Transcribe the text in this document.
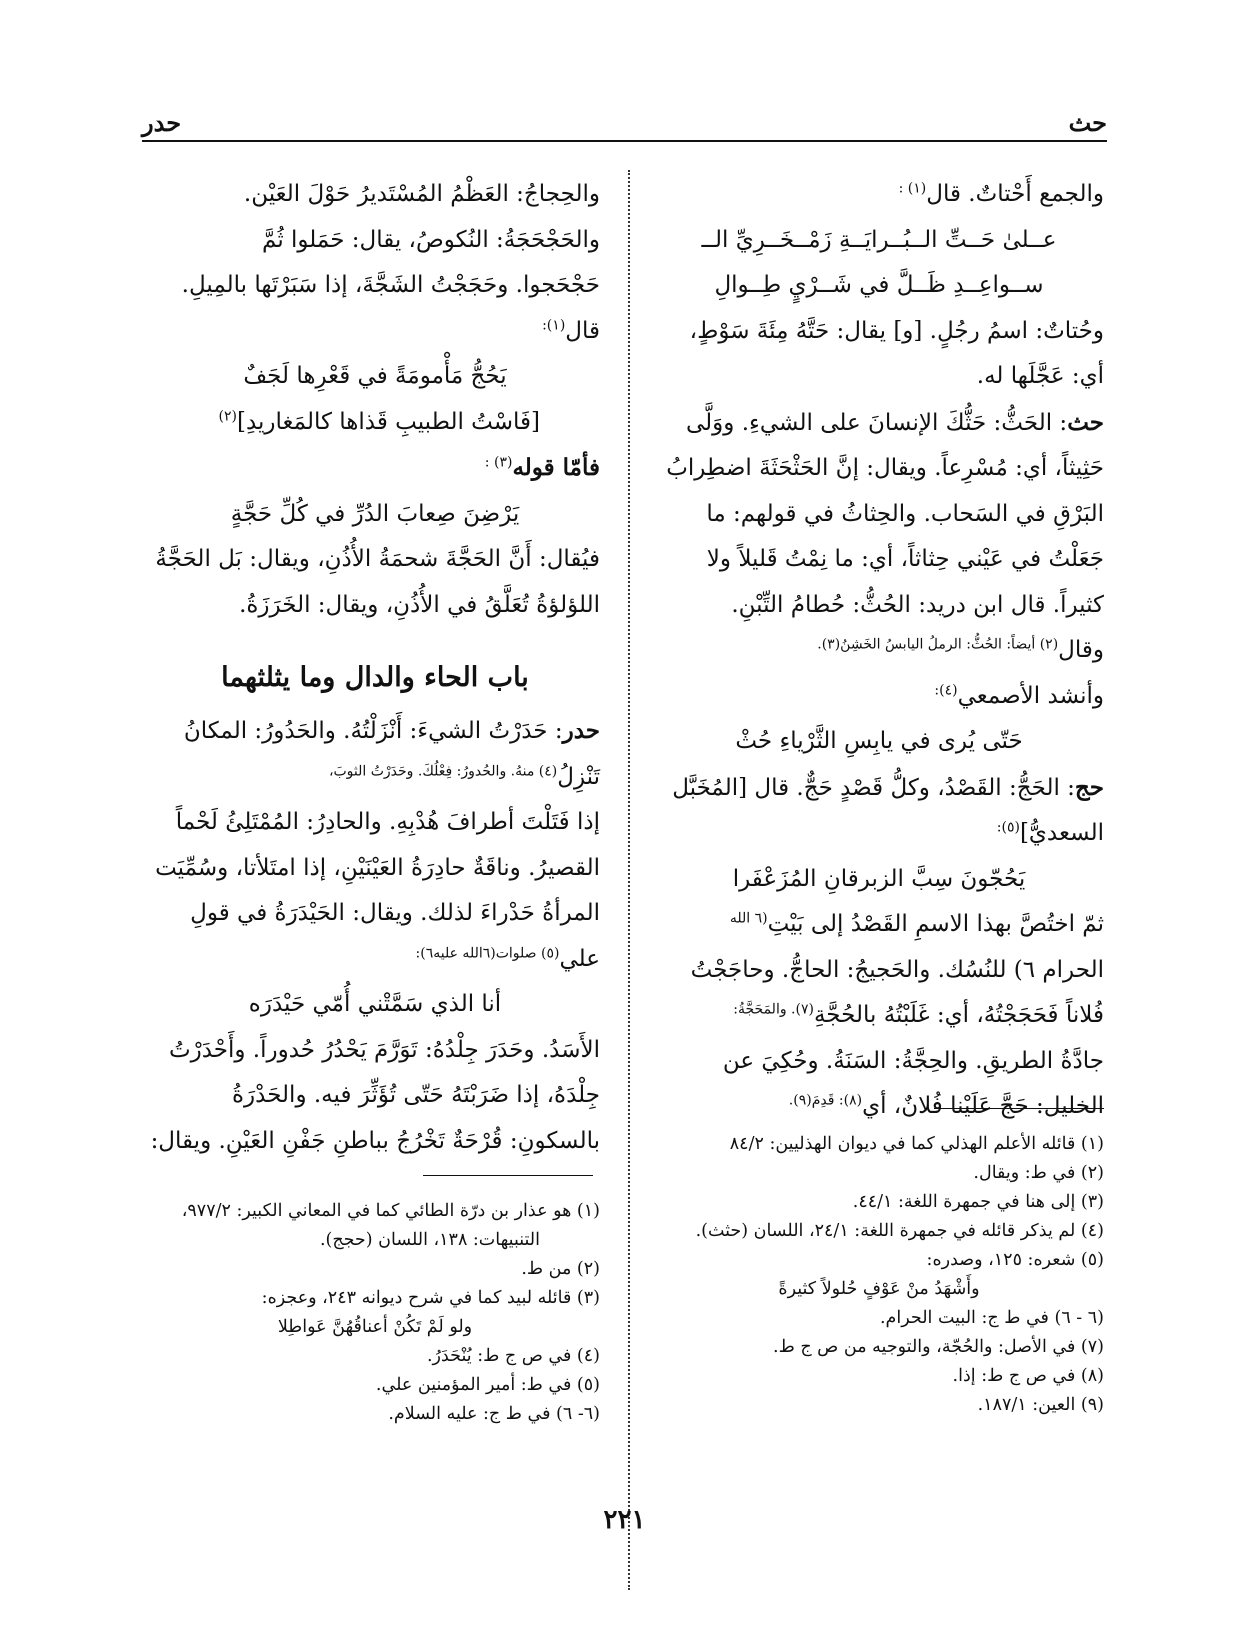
حث
حدر

والجمع أَحْتاتٌ. قال$^{(١) :}$

عــلىٰ حَــتِّ الــبُــرايَــةِ زَمْــخَــرِيِّ الــ

ســواعِــدِ ظَــلَّ في شَــرْيٍ طِــوالِ

وحُتاتٌ: اسمُ رجُلٍ. [و] يقال: حَتَّهُ مِئَةَ سَوْطٍ،

أي: عَجَّلَها له.

حث: الحَثُّ: حَثُّكَ الإنسانَ على الشيءِ. ووَلَّى

حَثِيثاً، أي: مُسْرِعاً. ويقال: إنَّ الحَثْحَثَةَ اضطِرابُ

البَرْقِ في السَحاب. والحِثاثُ في قولهم: ما

جَعَلْتُ في عَيْني حِثاثاً، أي: ما نِمْتُ قَليلاً ولا

كثيراً. قال ابن دريد: الحُثُّ: حُطامُ التِّبْنِ.

وقال$^{(٢) أيضاً: الحُثُّ: الرملُ اليابسُ الخَشِنُ(٣).}$

وأنشد الأصمعي$^{(٤):}$

حَتّى يُرى في يابِسِ الثَّرْياءِ حُثْ

حج: الحَجُّ: القَصْدُ، وكلُّ قَصْدٍ حَجٌّ. قال [المُخَبَّل

السعديُّ]$^{(٥):}$

يَحُجّونَ سِبَّ الزبرقانِ المُزَعْفَرا

ثمّ اختُصَّ بهذا الاسمِ القَصْدُ إلى بَيْتِ$^{(٦ الله}$

الحرام ٦) للنُسُك. والحَجيجُ: الحاجُّ. وحاجَجْتُ

فُلاناً فَحَجَجْتُهُ، أي: غَلَبْتُهُ بالحُجَّةِ$^{(٧). والمَحَجَّةُ:}$

جادَّةُ الطريقِ. والحِجَّةُ: السَنَةُ. وحُكِيَ عن

الخليل: حَجَّ عَلَيْنا فُلانٌ، أي$^{(٨): قَدِمَ(٩).}$

والحِجاجُ: العَظْمُ المُسْتَديرُ حَوْلَ العَيْن.

والحَجْحَجَةُ: النُكوصُ، يقال: حَمَلوا ثُمَّ

حَجْحَجوا. وحَجَجْتُ الشَجَّةَ، إذا سَبَرْتَها بالمِيلِ.

قال$^{(١):}$

يَحُجُّ مَأْمومَةً في قَعْرِها لَجَفٌ

[فَاسْتُ الطبيبِ قَذاها كالمَغاريدِ]$^{(٢)}$

فأمّا قوله$^{(٣) :}$

يَرْضِنَ صِعابَ الدُرِّ في كُلِّ حَجَّةٍ

فيُقال: أَنَّ الحَجَّةَ شحمَةُ الأُذُنِ، ويقال: بَل الحَجَّةُ

اللؤلؤةُ تُعَلَّقُ في الأُذُنِ، ويقال: الخَرَزَةُ.

باب الحاء والدال وما يثلثهما

حدر: حَدَرْتُ الشيءَ: أَنْزَلْتُهُ. والحَدُورُ: المكانُ

تَنْزِلُ$^{(٤) منهُ. والحُدورُ: فِعْلُكَ. وحَدَرْتُ الثوبَ،}$

إذا فَتَلْتَ أطرافَ هُدْبِهِ. والحادِرُ: المُمْتَلِئُ لَحْماً

القصيرُ. وناقَةٌ حادِرَةُ العَيْنَيْنِ، إذا امتَلأتا، وسُمِّيَت

المرأةُ حَدْراءَ لذلك. ويقال: الحَيْدَرَةُ في قولِ

علي$^{(٥) صلوات(٦الله عليه٦):}$

أنا الذي سَمَّتْني أُمّي حَيْدَرَه

الأَسَدُ. وحَدَرَ جِلْدُهُ: تَوَرَّمَ يَحْدُرُ حُدوراً. وأَحْدَرْتُ

جِلْدَهُ، إذا ضَرَبْتَهُ حَتّى تُؤَثِّرَ فيه. والحَدْرَةُ

بالسكونِ: قُرْحَةٌ تَخْرُجُ بباطنِ جَفْنِ العَيْنِ. ويقال:	(١) قائله الأعلم الهذلي كما في ديوان الهذليين: ٨٤/٢

(٢) في ط: ويقال.

(٣) إلى هنا في جمهرة اللغة: ٤٤/١.

(٤) لم يذكر قائله في جمهرة اللغة: ٢٤/١، اللسان (حثث).

(٥) شعره: ١٢٥، وصدره:

وأَشْهَدُ منْ عَوْفٍ حُلولاً كثيرةً

(٦ - ٦) في ط ج: البيت الحرام.

(٧) في الأصل: والحُجّة، والتوجيه من ص ج ط.

(٨) في ص ج ط: إذا.

(٩) العين: ١٨٧/١.

(١) هو عذار بن درّة الطائي كما في المعاني الكبير: ٩٧٧/٢،

التنبيهات: ١٣٨، اللسان (حجج).

(٢) من ط.

(٣) قائله لبيد كما في شرح ديوانه ٢٤٣، وعجزه:

ولو لَمْ تَكُنْ أعناقُهُنَّ عَواطِلا

(٤) في ص ج ط: يُنْحَدَرُ.

(٥) في ط: أمير المؤمنين علي.

(٦- ٦) في ط ج: عليه السلام.

٢٢١
